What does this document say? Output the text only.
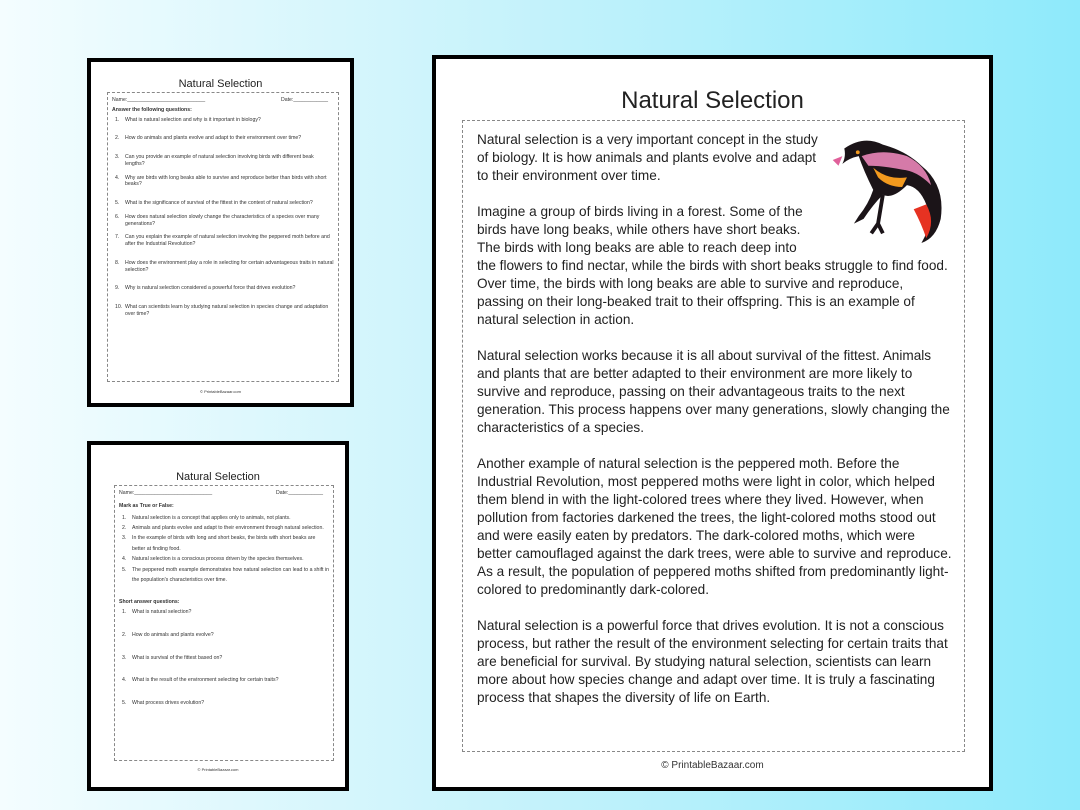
Natural Selection
Name:___________________________	Date:____________
Answer the following questions:
1.	What is natural selection and why is it important in biology?
2.	How do animals and plants evolve and adapt to their environment over time?
3.	Can you provide an example of natural selection involving birds with different beak lengths?
4.	Why are birds with long beaks able to survive and reproduce better than birds with short beaks?
5.	What is the significance of survival of the fittest in the context of natural selection?
6.	How does natural selection slowly change the characteristics of a species over many generations?
7.	Can you explain the example of natural selection involving the peppered moth before and after the Industrial Revolution?
8.	How does the environment play a role in selecting for certain advantageous traits in natural selection?
9.	Why is natural selection considered a powerful force that drives evolution?
10. What can scientists learn by studying natural selection in species change and adaptation over time?
© PrintableBazaar.com
Natural Selection
Name:___________________________	Date:____________
Mark as True or False:
1.	Natural selection is a concept that applies only to animals, not plants.
2.	Animals and plants evolve and adapt to their environment through natural selection.
3.	In the example of birds with long and short beaks, the birds with short beaks are better at finding food.
4.	Natural selection is a conscious process driven by the species themselves.
5.	The peppered moth example demonstrates how natural selection can lead to a shift in the population's characteristics over time.
Short answer questions:
1.	What is natural selection?
2.	How do animals and plants evolve?
3.	What is survival of the fittest based on?
4.	What is the result of the environment selecting for certain traits?
5.	What process drives evolution?
© PrintableBazaar.com
Natural Selection

Natural selection is a very important concept in the study of biology. It is how animals and plants evolve and adapt to their environment over time.

Imagine a group of birds living in a forest. Some of the birds have long beaks, while others have short beaks. The birds with long beaks are able to reach deep into the flowers to find nectar, while the birds with short beaks struggle to find food. Over time, the birds with long beaks are able to survive and reproduce, passing on their long-beaked trait to their offspring. This is an example of natural selection in action.

Natural selection works because it is all about survival of the fittest. Animals and plants that are better adapted to their environment are more likely to survive and reproduce, passing on their advantageous traits to the next generation. This process happens over many generations, slowly changing the characteristics of a species.

Another example of natural selection is the peppered moth. Before the Industrial Revolution, most peppered moths were light in color, which helped them blend in with the light-colored trees where they lived. However, when pollution from factories darkened the trees, the light-colored moths stood out and were easily eaten by predators. The dark-colored moths, which were better camouflaged against the dark trees, were able to survive and reproduce. As a result, the population of peppered moths shifted from predominantly light-colored to predominantly dark-colored.

Natural selection is a powerful force that drives evolution. It is not a conscious process, but rather the result of the environment selecting for certain traits that are beneficial for survival. By studying natural selection, scientists can learn more about how species change and adapt over time. It is truly a fascinating process that shapes the diversity of life on Earth.

© PrintableBazaar.com
